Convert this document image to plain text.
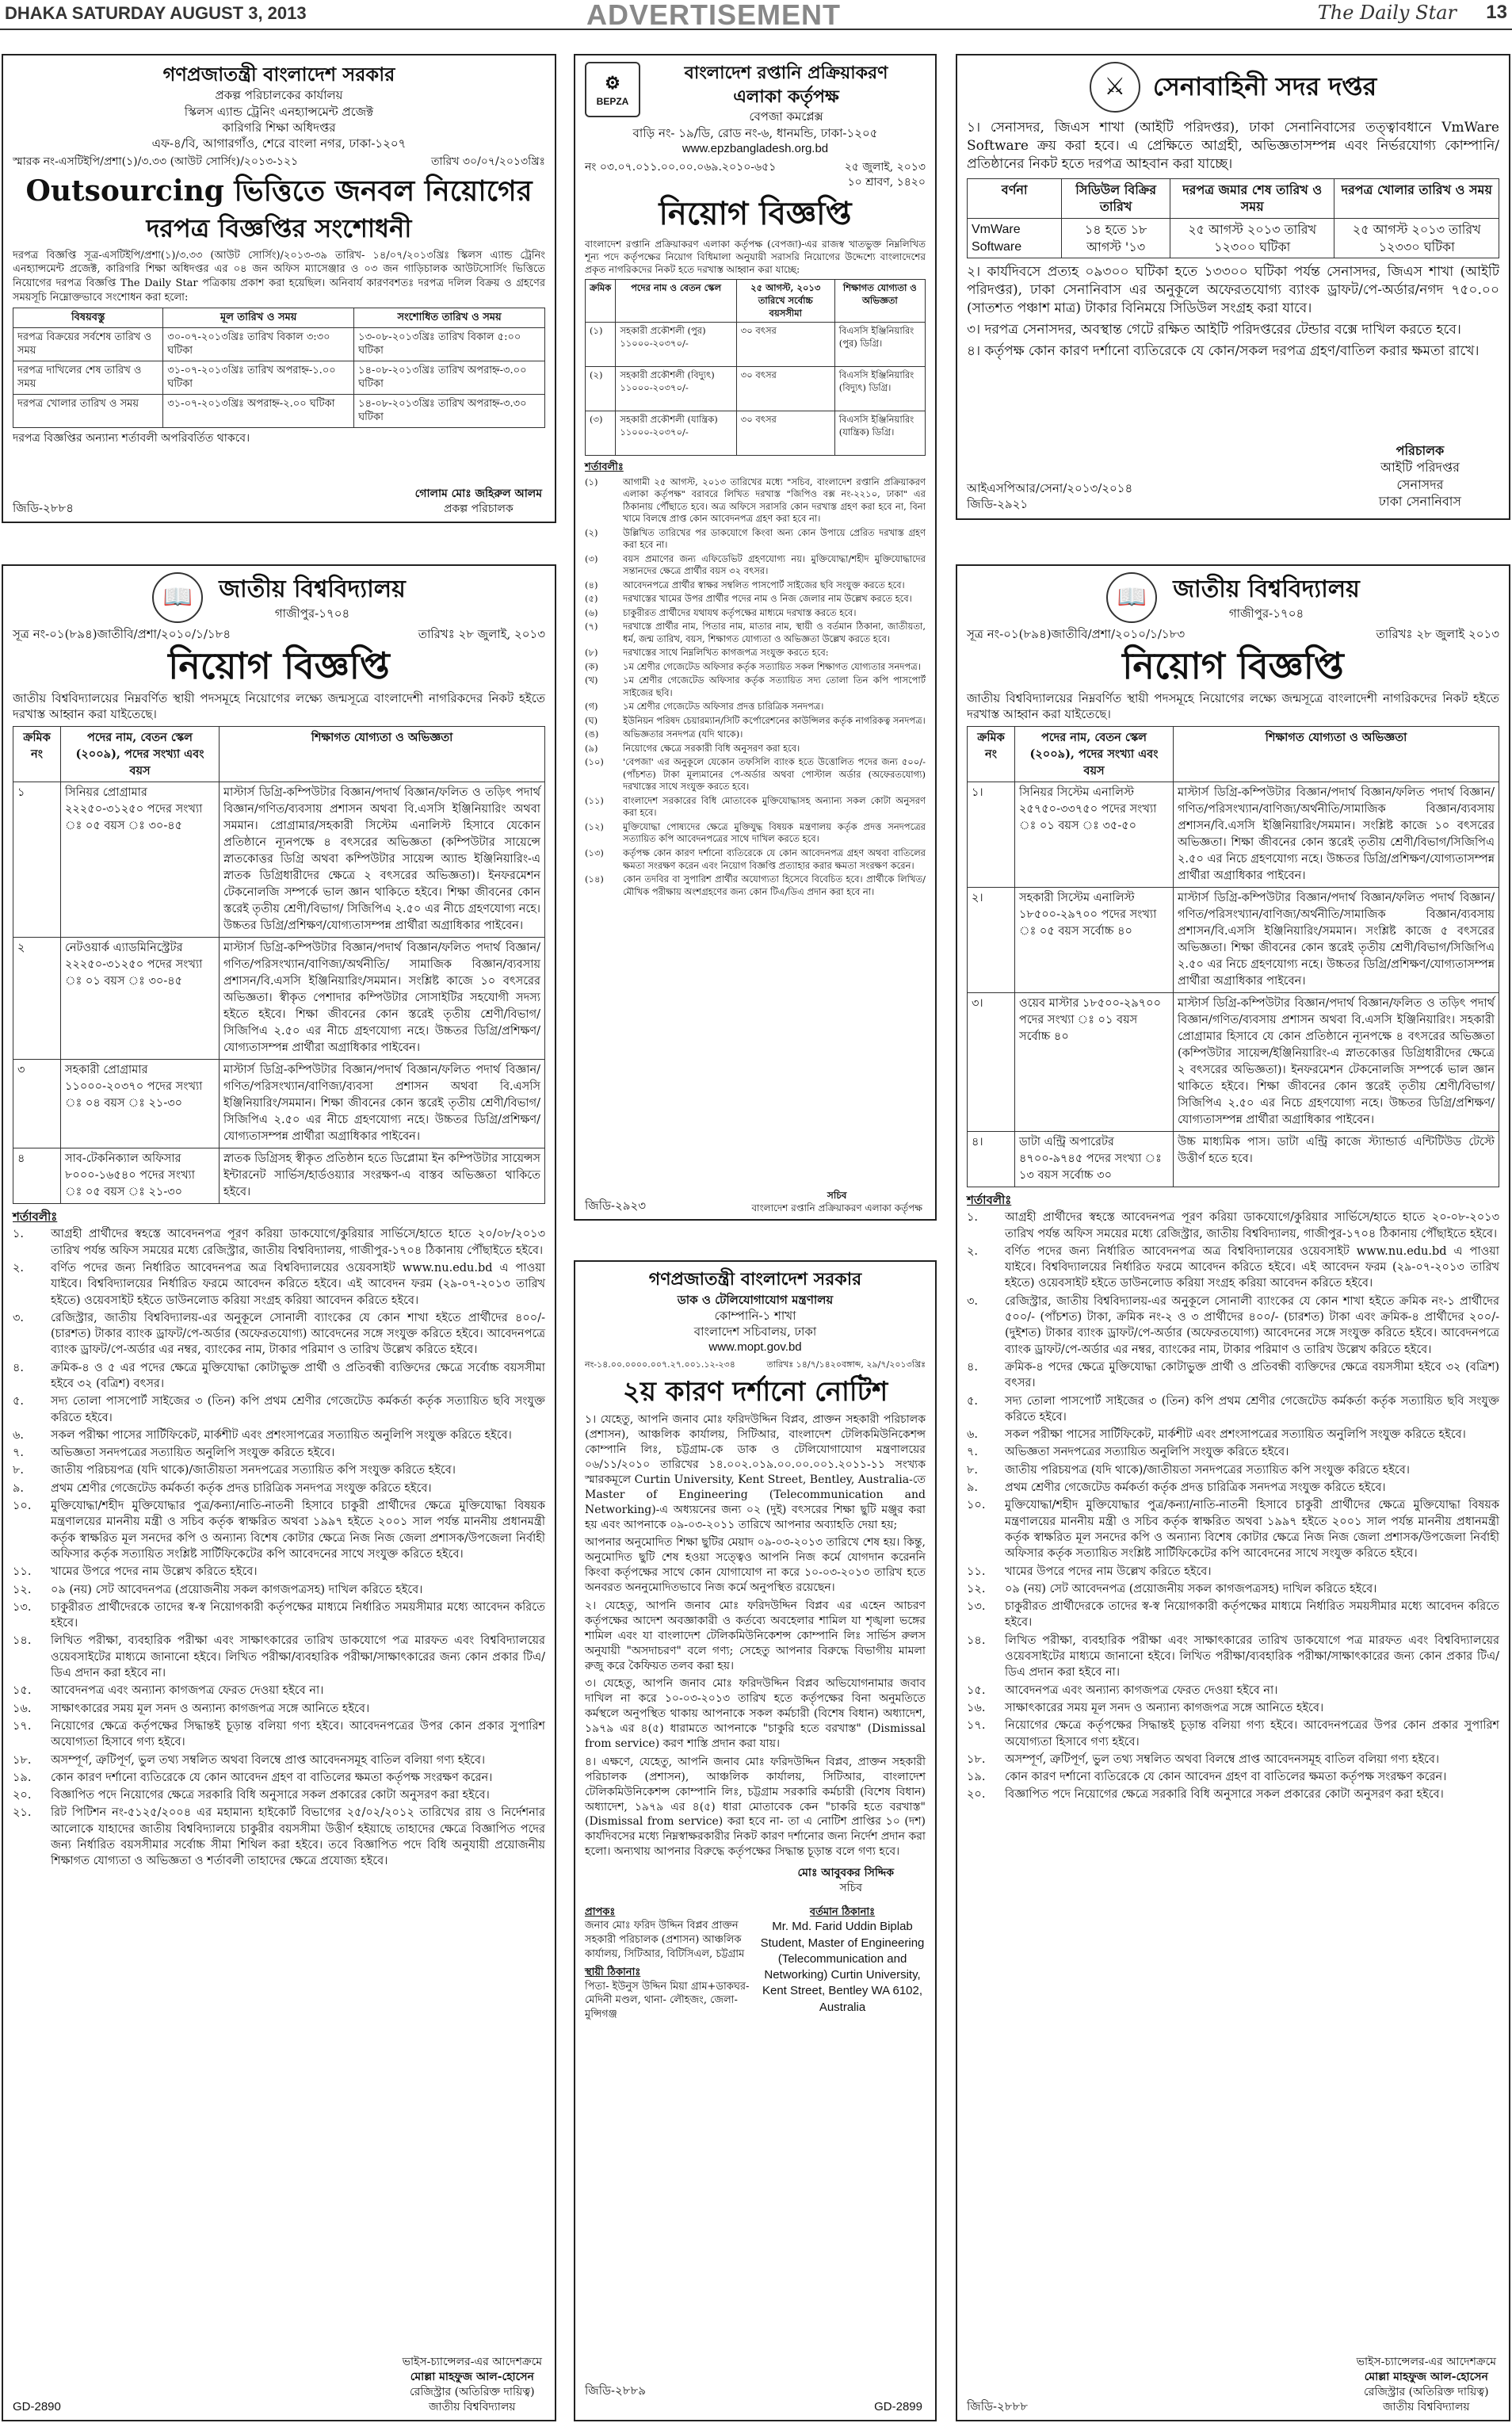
DHAKA SATURDAY AUGUST 3, 2013	ADVERTISEMENT	The Daily Star 13
গণপ্রজাতন্ত্রী বাংলাদেশ সরকার
প্রকল্প পরিচালকের কার্যালয়
স্কিলস এ্যান্ড ট্রেনিং এনহ্যান্সমেন্ট প্রজেক্ট
কারিগরি শিক্ষা অধিদপ্তর
এফ-৪/বি, আগারগাঁও, শেরে বাংলা নগর, ঢাকা-১২০৭
স্মারক নং-এসটিইপি/প্রশা(১)/৩.৩৩ (আউট সোর্সিং)/২০১৩-১২১	তারিখ ৩০/০৭/২০১৩খ্রিঃ
Outsourcing ভিত্তিতে জনবল নিয়োগের
দরপত্র বিজ্ঞপ্তির সংশোধনী
দরপত্র বিজ্ঞপ্তি সূত্র-এসটিইপি/প্রশা(১)/৩.৩৩ (আউট সোর্সিং)/২০১৩-৩৯ তারিখ- ১৪/০৭/২০১৩খ্রিঃ স্কিলস এ্যান্ড ট্রেনিং এনহ্যান্সমেন্ট প্রজেক্ট, কারিগরি শিক্ষা অধিদপ্তর এর ০৪ জন অফিস ম্যাসেঞ্জার ও ০৩ জন গাড়িচালক আউটসোর্সিং ভিত্তিতে নিয়োগের দরপত্র বিজ্ঞপ্তি The Daily Star পত্রিকায় প্রকাশ করা হয়েছিল। অনিবার্য কারণবশতঃ দরপত্র দলিল বিক্রয় ও গ্রহণের সময়সূচি নিম্নোক্তভাবে সংশোধন করা হলো:
বিষয়বস্তু	মূল তারিখ ও সময়	সংশোধিত তারিখ ও সময়
দরপত্র বিক্রয়ের সর্বশেষ তারিখ ও সময়	৩০-০৭-২০১৩খ্রিঃ তারিখ বিকাল ৩:৩০ ঘটিকা	১৩-০৮-২০১৩খ্রিঃ তারিখ বিকাল ৫:০০ ঘটিকা
দরপত্র দাখিলের শেষ তারিখ ও সময়	৩১-০৭-২০১৩খ্রিঃ তারিখ অপরাহ্ন-১.০০ ঘটিকা	১৪-০৮-২০১৩খ্রিঃ তারিখ অপরাহ্ন-৩.০০ ঘটিকা
দরপত্র খোলার তারিখ ও সময়	৩১-০৭-২০১৩খ্রিঃ অপরাহ্ন-২.০০ ঘটিকা	১৪-০৮-২০১৩খ্রিঃ তারিখ অপরাহ্ন-৩.৩০ ঘটিকা
দরপত্র বিজ্ঞপ্তির অন্যান্য শর্তাবলী অপরিবর্তিত থাকবে।
জিডি-২৮৮৪
গোলাম মোঃ জহিরুল আলম
প্রকল্প পরিচালক
⚙
BEPZA
বাংলাদেশ রপ্তানি প্রক্রিয়াকরণ
এলাকা কর্তৃপক্ষ
বেপজা কমপ্লেক্স
বাড়ি নং- ১৯/ডি, রোড নং-৬, ধানমন্ডি, ঢাকা-১২০৫
www.epzbangladesh.org.bd
নং ০৩.০৭.০১১.০০.০০.০৬৯.২০১০-৬৫১	২৫ জুলাই, ২০১৩
১০ শ্রাবণ, ১৪২০
নিয়োগ বিজ্ঞপ্তি
বাংলাদেশ রপ্তানি প্রক্রিয়াকরণ এলাকা কর্তৃপক্ষ (বেপজা)-এর রাজস্ব খাতভুক্ত নিম্নলিখিত শূন্য পদে কর্তৃপক্ষের নিয়োগ বিধিমালা অনুযায়ী সরাসরি নিয়োগের উদ্দেশ্যে বাংলাদেশের প্রকৃত নাগরিকদের নিকট হতে দরখাস্ত আহ্বান করা যাচ্ছে:
ক্রমিক	পদের নাম ও বেতন স্কেল	২৫ আগস্ট, ২০১৩ তারিখে সর্বোচ্চ বয়সসীমা	শিক্ষাগত যোগ্যতা ও অভিজ্ঞতা
(১)	সহকারী প্রকৌশলী (পুর) ১১০০০-২০৩৭০/-	৩০ বৎসর	বিএসসি ইঞ্জিনিয়ারিং (পুর) ডিগ্রি।
(২)	সহকারী প্রকৌশলী (বিদ্যুৎ) ১১০০০-২০৩৭০/-	৩০ বৎসর	বিএসসি ইঞ্জিনিয়ারিং (বিদ্যুৎ) ডিগ্রি।
(৩)	সহকারী প্রকৌশলী (যান্ত্রিক) ১১০০০-২০৩৭০/-	৩০ বৎসর	বিএসসি ইঞ্জিনিয়ারিং (যান্ত্রিক) ডিগ্রি।
শর্তাবলীঃ
(১)	আগামী ২৫ আগস্ট, ২০১৩ তারিখের মধ্যে "সচিব, বাংলাদেশ রপ্তানি প্রক্রিয়াকরণ এলাকা কর্তৃপক্ষ" বরাবরে লিখিত দরখাস্ত "জিপিও বক্স নং-২২১০, ঢাকা" এর ঠিকানায় পৌঁছাতে হবে। অত্র অফিসে সরাসরি কোন দরখাস্ত গ্রহণ করা হবে না, বিনা খামে বিলম্বে প্রাপ্ত কোন আবেদনপত্র গ্রহণ করা হবে না।
(২)	উল্লিখিত তারিখের পর ডাকযোগে কিংবা অন্য কোন উপায়ে প্রেরিত দরখাস্ত গ্রহণ করা হবে না।
(৩)	বয়স প্রমাণের জন্য এফিডেভিট গ্রহণযোগ্য নয়। মুক্তিযোদ্ধা/শহীদ মুক্তিযোদ্ধাদের সন্তানদের ক্ষেত্রে প্রার্থীর বয়স ৩২ বৎসর।
(৪)	আবেদনপত্রে প্রার্থীর স্বাক্ষর সম্বলিত পাসপোর্ট সাইজের ছবি সংযুক্ত করতে হবে।
(৫)	দরখাস্তের খামের উপর প্রার্থীর পদের নাম ও নিজ জেলার নাম উল্লেখ করতে হবে।
(৬)	চাকুরীরত প্রার্থীদের যথাযথ কর্তৃপক্ষের মাধ্যমে দরখাস্ত করতে হবে।
(৭)	দরখাস্তে প্রার্থীর নাম, পিতার নাম, মাতার নাম, স্থায়ী ও বর্তমান ঠিকানা, জাতীয়তা, ধর্ম, জন্ম তারিখ, বয়স, শিক্ষাগত যোগ্যতা ও অভিজ্ঞতা উল্লেখ করতে হবে।
(৮)	দরখাস্তের সাথে নিম্নলিখিত কাগজপত্র সংযুক্ত করতে হবে:
(ক)	১ম শ্রেণীর গেজেটেড অফিসার কর্তৃক সত্যায়িত সকল শিক্ষাগত যোগ্যতার সনদপত্র।
(খ)	১ম শ্রেণীর গেজেটেড অফিসার কর্তৃক সত্যায়িত সদ্য তোলা তিন কপি পাসপোর্ট সাইজের ছবি।
(গ)	১ম শ্রেণীর গেজেটেড অফিসার প্রদত্ত চারিত্রিক সনদপত্র।
(ঘ)	ইউনিয়ন পরিষদ চেয়ারম্যান/সিটি কর্পোরেশনের কাউন্সিলর কর্তৃক নাগরিকত্ব সনদপত্র।
(ঙ)	অভিজ্ঞতার সনদপত্র (যদি থাকে)।
(৯)	নিয়োগের ক্ষেত্রে সরকারী বিধি অনুসরণ করা হবে।
(১০)	'বেপজা' এর অনুকূলে যেকোন তফসিলি ব্যাংক হতে উত্তোলিত পদের জন্য ৫০০/- (পাঁচশত) টাকা মূল্যমানের পে-অর্ডার অথবা পোস্টাল অর্ডার (অফেরতযোগ্য) দরখাস্তের সাথে সংযুক্ত করতে হবে।
(১১)	বাংলাদেশ সরকারের বিধি মোতাবেক মুক্তিযোদ্ধাসহ অন্যান্য সকল কোটা অনুসরণ করা হবে।
(১২)	মুক্তিযোদ্ধা পোষ্যদের ক্ষেত্রে মুক্তিযুদ্ধ বিষয়ক মন্ত্রণালয় কর্তৃক প্রদত্ত সনদপত্রের সত্যায়িত কপি আবেদনপত্রের সাথে দাখিল করতে হবে।
(১৩)	কর্তৃপক্ষ কোন কারণ দর্শানো ব্যতিরেকে যে কোন আবেদনপত্র গ্রহণ অথবা বাতিলের ক্ষমতা সংরক্ষণ করেন এবং নিয়োগ বিজ্ঞপ্তি প্রত্যাহার করার ক্ষমতা সংরক্ষণ করেন।
(১৪)	কোন তদবির বা সুপারিশ প্রার্থীর অযোগ্যতা হিসেবে বিবেচিত হবে। প্রার্থীকে লিখিত/মৌখিক পরীক্ষায় অংশগ্রহণের জন্য কোন টিএ/ডিএ প্রদান করা হবে না।
জিডি-২৯২৩
সচিব
বাংলাদেশ রপ্তানি প্রক্রিয়াকরণ এলাকা কর্তৃপক্ষ
⚔	সেনাবাহিনী সদর দপ্তর
১। সেনাসদর, জিএস শাখা (আইটি পরিদপ্তর), ঢাকা সেনানিবাসের তত্ত্বাবধানে VmWare Software ক্রয় করা হবে। এ প্রেক্ষিতে আগ্রহী, অভিজ্ঞতাসম্পন্ন এবং নির্ভরযোগ্য কোম্পানি/প্রতিষ্ঠানের নিকট হতে দরপত্র আহবান করা যাচ্ছে।
বর্ণনা	সিডিউল বিক্রির তারিখ	দরপত্র জমার শেষ তারিখ ও সময়	দরপত্র খোলার তারিখ ও সময়
VmWare Software	১৪ হতে ১৮ আগস্ট '১৩	২৫ আগস্ট ২০১৩ তারিখ ১২৩০০ ঘটিকা	২৫ আগস্ট ২০১৩ তারিখ ১২৩৩০ ঘটিকা
২। কার্যদিবসে প্রত্যহ ০৯৩০০ ঘটিকা হতে ১৩৩০০ ঘটিকা পর্যন্ত সেনাসদর, জিএস শাখা (আইটি পরিদপ্তর), ঢাকা সেনানিবাস এর অনুকূলে অফেরতযোগ্য ব্যাংক ড্রাফট/পে-অর্ডার/নগদ ৭৫০.০০ (সাতশত পঞ্চাশ মাত্র) টাকার বিনিময়ে সিডিউল সংগ্রহ করা যাবে।
৩। দরপত্র সেনাসদর, অবস্থান্ত গেটে রক্ষিত আইটি পরিদপ্তরের টেন্ডার বক্সে দাখিল করতে হবে।
৪। কর্তৃপক্ষ কোন কারণ দর্শানো ব্যতিরেকে যে কোন/সকল দরপত্র গ্রহণ/বাতিল করার ক্ষমতা রাখে।
আইএসপিআর/সেনা/২০১৩/২০১৪
জিডি-২৯২১
পরিচালক
আইটি পরিদপ্তর
সেনাসদর
ঢাকা সেনানিবাস
📖	জাতীয় বিশ্ববিদ্যালয়
গাজীপুর-১৭০৪
সূত্র নং-০১(৮৯৪)জাতীবি/প্রশা/২০১০/১/১৮৪	তারিখঃ ২৮ জুলাই, ২০১৩
নিয়োগ বিজ্ঞপ্তি
জাতীয় বিশ্ববিদ্যালয়ের নিম্নবর্ণিত স্থায়ী পদসমূহে নিয়োগের লক্ষ্যে জন্মসূত্রে বাংলাদেশী নাগরিকদের নিকট হইতে দরখাস্ত আহ্বান করা যাইতেছে।
ক্রমিক নং	পদের নাম, বেতন স্কেল (২০০৯), পদের সংখ্যা এবং বয়স	শিক্ষাগত যোগ্যতা ও অভিজ্ঞতা
১	সিনিয়র প্রোগ্রামার ২২২৫০-৩১২৫০ পদের সংখ্যা ঃ ০৫ বয়স ঃ ৩০-৪৫	মাস্টার্স ডিগ্রি-কম্পিউটার বিজ্ঞান/পদার্থ বিজ্ঞান/ফলিত ও তড়িৎ পদার্থ বিজ্ঞান/গণিত/ব্যবসায় প্রশাসন অথবা বি.এসসি ইঞ্জিনিয়ারিং অথবা সমমান। প্রোগ্রামার/সহকারী সিস্টেম এনালিস্ট হিসাবে যেকোন প্রতিষ্ঠানে ন্যূনপক্ষে ৪ বৎসরের অভিজ্ঞতা (কম্পিউটার সায়েন্সে স্নাতকোত্তর ডিগ্রি অথবা কম্পিউটার সায়েন্স অ্যান্ড ইঞ্জিনিয়ারিং-এ স্নাতক ডিগ্রিধারীদের ক্ষেত্রে ২ বৎসরের অভিজ্ঞতা)। ইনফরমেশন টেকনোলজি সম্পর্কে ভাল জ্ঞান থাকিতে হইবে। শিক্ষা জীবনের কোন স্তরেই তৃতীয় শ্রেণী/বিভাগ/ সিজিপিএ ২.৫০ এর নীচে গ্রহণযোগ্য নহে। উচ্চতর ডিগ্রি/প্রশিক্ষণ/যোগ্যতাসম্পন্ন প্রার্থীরা অগ্রাধিকার পাইবেন।
২	নেটওয়ার্ক এ্যাডমিনিস্ট্রেটর ২২২৫০-৩১২৫০ পদের সংখ্যা ঃ ০১ বয়স ঃ ৩০-৪৫	মাস্টার্স ডিগ্রি-কম্পিউটার বিজ্ঞান/পদার্থ বিজ্ঞান/ফলিত পদার্থ বিজ্ঞান/গণিত/পরিসংখ্যান/বাণিজ্য/অর্থনীতি/ সামাজিক বিজ্ঞান/ব্যবসায় প্রশাসন/বি.এসসি ইঞ্জিনিয়ারিং/সমমান। সংশ্লিষ্ট কাজে ১০ বৎসরের অভিজ্ঞতা। স্বীকৃত পেশাদার কম্পিউটার সোসাইটির সহযোগী সদস্য হইতে হইবে। শিক্ষা জীবনের কোন স্তরেই তৃতীয় শ্রেণী/বিভাগ/ সিজিপিএ ২.৫০ এর নীচে গ্রহণযোগ্য নহে। উচ্চতর ডিগ্রি/প্রশিক্ষণ/যোগ্যতাসম্পন্ন প্রার্থীরা অগ্রাধিকার পাইবেন।
৩	সহকারী প্রোগ্রামার ১১০০০-২০৩৭০ পদের সংখ্যা ঃ ০৪ বয়স ঃ ২১-৩০	মাস্টার্স ডিগ্রি-কম্পিউটার বিজ্ঞান/পদার্থ বিজ্ঞান/ফলিত পদার্থ বিজ্ঞান/গণিত/পরিসংখ্যান/বাণিজ্য/ব্যবসা প্রশাসন অথবা বি.এসসি ইঞ্জিনিয়ারিং/সমমান। শিক্ষা জীবনের কোন স্তরেই তৃতীয় শ্রেণী/বিভাগ/সিজিপিএ ২.৫০ এর নীচে গ্রহণযোগ্য নহে। উচ্চতর ডিগ্রি/প্রশিক্ষণ/যোগ্যতাসম্পন্ন প্রার্থীরা অগ্রাধিকার পাইবেন।
৪	সাব-টেকনিক্যাল অফিসার ৮০০০-১৬৫৪০ পদের সংখ্যা ঃ ০৫ বয়স ঃ ২১-৩০	স্নাতক ডিগ্রিসহ স্বীকৃত প্রতিষ্ঠান হতে ডিপ্লোমা ইন কম্পিউটার সায়েন্সস ইন্টারনেট সার্ভিস/হার্ডওয়্যার সংরক্ষণ-এ বাস্তব অভিজ্ঞতা থাকিতে হইবে।
শর্তাবলীঃ
১.	আগ্রহী প্রার্থীদের স্বহস্তে আবেদনপত্র পূরণ করিয়া ডাকযোগে/কুরিয়ার সার্ভিসে/হাতে হাতে ২০/০৮/২০১৩ তারিখ পর্যন্ত অফিস সময়ের মধ্যে রেজিস্ট্রার, জাতীয় বিশ্ববিদ্যালয়, গাজীপুর-১৭০৪ ঠিকানায় পৌঁছাইতে হইবে।
২.	বর্ণিত পদের জন্য নির্ধারিত আবেদনপত্র অত্র বিশ্ববিদ্যালয়ের ওয়েবসাইট www.nu.edu.bd এ পাওয়া যাইবে। বিশ্ববিদ্যালয়ের নির্ধারিত ফরমে আবেদন করিতে হইবে। এই আবেদন ফরম (২৯-০৭-২০১৩ তারিখ হইতে) ওয়েবসাইট হইতে ডাউনলোড করিয়া সংগ্রহ করিয়া আবেদন করিতে হইবে।
৩.	রেজিস্ট্রার, জাতীয় বিশ্ববিদ্যালয়-এর অনুকূলে সোনালী ব্যাংকের যে কোন শাখা হইতে প্রার্থীদের ৪০০/- (চারশত) টাকার ব্যাংক ড্রাফট/পে-অর্ডার (অফেরতযোগ্য) আবেদনের সঙ্গে সংযুক্ত করিতে হইবে। আবেদনপত্রে ব্যাংক ড্রাফট/পে-অর্ডার এর নম্বর, ব্যাংকের নাম, টাকার পরিমাণ ও তারিখ উল্লেখ করিতে হইবে।
৪.	ক্রমিক-৪ ও ৫ এর পদের ক্ষেত্রে মুক্তিযোদ্ধা কোটাভুক্ত প্রার্থী ও প্রতিবন্ধী ব্যক্তিদের ক্ষেত্রে সর্বোচ্চ বয়সসীমা হইবে ৩২ (বত্রিশ) বৎসর।
৫.	সদ্য তোলা পাসপোর্ট সাইজের ৩ (তিন) কপি প্রথম শ্রেণীর গেজেটেড কর্মকর্তা কর্তৃক সত্যায়িত ছবি সংযুক্ত করিতে হইবে।
৬.	সকল পরীক্ষা পাসের সার্টিফিকেট, মার্কশীট এবং প্রশংসাপত্রের সত্যায়িত অনুলিপি সংযুক্ত করিতে হইবে।
৭.	অভিজ্ঞতা সনদপত্রের সত্যায়িত অনুলিপি সংযুক্ত করিতে হইবে।
৮.	জাতীয় পরিচয়পত্র (যদি থাকে)/জাতীয়তা সনদপত্রের সত্যায়িত কপি সংযুক্ত করিতে হইবে।
৯.	প্রথম শ্রেণীর গেজেটেড কর্মকর্তা কর্তৃক প্রদত্ত চারিত্রিক সনদপত্র সংযুক্ত করিতে হইবে।
১০.	মুক্তিযোদ্ধা/শহীদ মুক্তিযোদ্ধার পুত্র/কন্যা/নাতি-নাতনী হিসাবে চাকুরী প্রার্থীদের ক্ষেত্রে মুক্তিযোদ্ধা বিষয়ক মন্ত্রণালয়ের মাননীয় মন্ত্রী ও সচিব কর্তৃক স্বাক্ষরিত অথবা ১৯৯৭ হইতে ২০০১ সাল পর্যন্ত মাননীয় প্রধানমন্ত্রী কর্তৃক স্বাক্ষরিত মূল সনদের কপি ও অন্যান্য বিশেষ কোটার ক্ষেত্রে নিজ নিজ জেলা প্রশাসক/উপজেলা নির্বাহী অফিসার কর্তৃক সত্যায়িত সংশ্লিষ্ট সার্টিফিকেটের কপি আবেদনের সাথে সংযুক্ত করিতে হইবে।
১১.	খামের উপরে পদের নাম উল্লেখ করিতে হইবে।
১২.	০৯ (নয়) সেট আবেদনপত্র (প্রয়োজনীয় সকল কাগজপত্রসহ) দাখিল করিতে হইবে।
১৩.	চাকুরীরত প্রার্থীদেরকে তাদের স্ব-স্ব নিয়োগকারী কর্তৃপক্ষের মাধ্যমে নির্ধারিত সময়সীমার মধ্যে আবেদন করিতে হইবে।
১৪.	লিখিত পরীক্ষা, ব্যবহারিক পরীক্ষা এবং সাক্ষাৎকারের তারিখ ডাকযোগে পত্র মারফত এবং বিশ্ববিদ্যালয়ের ওয়েবসাইটের মাধ্যমে জানানো হইবে। লিখিত পরীক্ষা/ব্যবহারিক পরীক্ষা/সাক্ষাৎকারের জন্য কোন প্রকার টিএ/ডিএ প্রদান করা হইবে না।
১৫.	আবেদনপত্র এবং অন্যান্য কাগজপত্র ফেরত দেওয়া হইবে না।
১৬.	সাক্ষাৎকারের সময় মূল সনদ ও অন্যান্য কাগজপত্র সঙ্গে আনিতে হইবে।
১৭.	নিয়োগের ক্ষেত্রে কর্তৃপক্ষের সিদ্ধান্তই চূড়ান্ত বলিয়া গণ্য হইবে। আবেদনপত্রের উপর কোন প্রকার সুপারিশ অযোগ্যতা হিসাবে গণ্য হইবে।
১৮.	অসম্পূর্ণ, ত্রুটিপূর্ণ, ভুল তথ্য সম্বলিত অথবা বিলম্বে প্রাপ্ত আবেদনসমূহ বাতিল বলিয়া গণ্য হইবে।
১৯.	কোন কারণ দর্শানো ব্যতিরেকে যে কোন আবেদন গ্রহণ বা বাতিলের ক্ষমতা কর্তৃপক্ষ সংরক্ষণ করেন।
২০.	বিজ্ঞাপিত পদে নিয়োগের ক্ষেত্রে সরকারি বিধি অনুসারে সকল প্রকারের কোটা অনুসরণ করা হইবে।
২১.	রিট পিটিশন নং-৫১২৫/২০০৪ এর মহামান্য হাইকোর্ট বিভাগের ২৫/০২/২০১২ তারিখের রায় ও নির্দেশনার আলোকে যাহাদের জাতীয় বিশ্ববিদ্যালয়ে চাকুরীর বয়সসীমা উত্তীর্ণ হইয়াছে তাহাদের ক্ষেত্রে বিজ্ঞাপিত পদের জন্য নির্ধারিত বয়সসীমার সর্বোচ্চ সীমা শিথিল করা হইবে। তবে বিজ্ঞাপিত পদে বিধি অনুযায়ী প্রয়োজনীয় শিক্ষাগত যোগ্যতা ও অভিজ্ঞতা ও শর্তাবলী তাহাদের ক্ষেত্রে প্রযোজ্য হইবে।
GD-2890
ভাইস-চ্যান্সেলর-এর আদেশক্রমে
মোল্লা মাহফুজ আল-হোসেন
রেজিস্ট্রার (অতিরিক্ত দায়িত্ব)
জাতীয় বিশ্ববিদ্যালয়
গণপ্রজাতন্ত্রী বাংলাদেশ সরকার
ডাক ও টেলিযোগাযোগ মন্ত্রণালয়
কোম্পানি-১ শাখা
বাংলাদেশ সচিবালয়, ঢাকা
www.mopt.gov.bd
নং-১৪.০০.০০০০.০০৭.২৭.০০১.১২-২৩৪	তারিখঃ ১৪/৭/১৪২০বঙ্গাব্দ, ২৯/৭/২০১৩খ্রিঃ
২য় কারণ দর্শানো নোটিশ
১। যেহেতু, আপনি জনাব মোঃ ফরিদউদ্দিন বিপ্লব, প্রাক্তন সহকারী পরিচালক (প্রশাসন), আঞ্চলিক কার্যালয়, সিটিআর, বাংলাদেশ টেলিকমিউনিকেশন্স কোম্পানি লিঃ, চট্টগ্রাম-কে ডাক ও টেলিযোগাযোগ মন্ত্রণালয়ের ০৬/১১/২০১০ তারিখের ১৪.০০২.০১৯.০০.০০.০০১.২০১১-১১ সংখ্যক স্মারকমূলে Curtin University, Kent Street, Bentley, Australia-তে Master of Engineering (Telecommunication and Networking)-এ অধ্যয়নের জন্য ০২ (দুই) বৎসরের শিক্ষা ছুটি মঞ্জুর করা হয় এবং আপনাকে ০৯-০৩-২০১১ তারিখে আপনার অব্যাহতি দেয়া হয়;
আপনার অনুমোদিত শিক্ষা ছুটির মেয়াদ ০৯-০৩-২০১৩ তারিখে শেষ হয়। কিন্তু, অনুমোদিত ছুটি শেষ হওয়া সত্ত্বেও আপনি নিজ কর্মে যোগদান করেননি কিংবা কর্তৃপক্ষের সাথে কোন যোগাযোগ না করে ১০-০৩-২০১৩ তারিখ হতে অনবরত অননুমোদিতভাবে নিজ কর্মে অনুপস্থিত রয়েছেন।
২। যেহেতু, আপনি জনাব মোঃ ফরিদউদ্দিন বিপ্লব এর এহেন আচরণ কর্তৃপক্ষের আদেশ অবজ্ঞাকারী ও কর্তব্যে অবহেলার শামিল যা শৃঙ্খলা ভঙ্গের শামিল এবং যা বাংলাদেশ টেলিকমিউনিকেশন্স কোম্পানি লিঃ সার্ভিস রুলস অনুযায়ী "অসদাচরণ" বলে গণ্য; সেহেতু আপনার বিরুদ্ধে বিভাগীয় মামলা রুজু করে কৈফিয়ত তলব করা হয়।
৩। যেহেতু, আপনি জনাব মোঃ ফরিদউদ্দিন বিপ্লব অভিযোগনামার জবাব দাখিল না করে ১০-০৩-২০১৩ তারিখ হতে কর্তৃপক্ষের বিনা অনুমতিতে কর্মস্থলে অনুপস্থিত থাকায় আপনাকে সকল কর্মচারী (বিশেষ বিধান) অধ্যাদেশ, ১৯৭৯ এর ৪(৫) ধারামতে আপনাকে "চাকুরি হতে বরখাস্ত" (Dismissal from service) করণ শাস্তি প্রদান করা যায়।
৪। এক্ষণে, যেহেতু, আপনি জনাব মোঃ ফরিদউদ্দিন বিপ্লব, প্রাক্তন সহকারী পরিচালক (প্রশাসন), আঞ্চলিক কার্যালয়, সিটিআর, বাংলাদেশ টেলিকমিউনিকেশন্স কোম্পানি লিঃ, চট্টগ্রাম সরকারি কর্মচারী (বিশেষ বিধান) অধ্যাদেশ, ১৯৭৯ এর ৪(৫) ধারা মোতাবেক কেন "চাকরি হতে বরখাস্ত" (Dismissal from service) করা হবে না- তা এ নোটিশ প্রাপ্তির ১০ (দশ) কার্যদিবসের মধ্যে নিম্নস্বাক্ষরকারীর নিকট কারণ দর্শানোর জন্য নির্দেশ প্রদান করা হলো। অন্যথায় আপনার বিরুদ্ধে কর্তৃপক্ষের সিদ্ধান্ত চূড়ান্ত বলে গণ্য হবে।
মোঃ আবুবকর সিদ্দিক
সচিব
প্রাপকঃ
জনাব মোঃ ফরিদ উদ্দিন বিপ্লব প্রাক্তন সহকারী পরিচালক (প্রশাসন) আঞ্চলিক কার্যালয়, সিটিআর, বিটিসিএল, চট্টগ্রাম
স্থায়ী ঠিকানাঃ
পিতা- ইউনুস উদ্দিন মিয়া গ্রাম+ডাকঘর- মেদিনী মণ্ডল, থানা- লৌহজং, জেলা- মুন্সিগঞ্জ
বর্তমান ঠিকানাঃ
Mr. Md. Farid Uddin Biplab Student, Master of Engineering (Telecommunication and Networking) Curtin University, Kent Street, Bentley WA 6102, Australia
জিডি-২৮৮৯
GD-2899
📖	জাতীয় বিশ্ববিদ্যালয়
গাজীপুর-১৭০৪
সূত্র নং-০১(৮৯৪)জাতীবি/প্রশা/২০১০/১/১৮৩	তারিখঃ ২৮ জুলাই ২০১৩
নিয়োগ বিজ্ঞপ্তি
জাতীয় বিশ্ববিদ্যালয়ের নিম্নবর্ণিত স্থায়ী পদসমূহে নিয়োগের লক্ষ্যে জন্মসূত্রে বাংলাদেশী নাগরিকদের নিকট হইতে দরখাস্ত আহ্বান করা যাইতেছে।
ক্রমিক নং	পদের নাম, বেতন স্কেল (২০০৯), পদের সংখ্যা এবং বয়স	শিক্ষাগত যোগ্যতা ও অভিজ্ঞতা
১।	সিনিয়র সিস্টেম এনালিস্ট ২৫৭৫০-৩৩৭৫০ পদের সংখ্যা ঃ ০১ বয়স ঃ ৩৫-৫০	মাস্টার্স ডিগ্রি-কম্পিউটার বিজ্ঞান/পদার্থ বিজ্ঞান/ফলিত পদার্থ বিজ্ঞান/গণিত/পরিসংখ্যান/বাণিজ্য/অর্থনীতি/সামাজিক বিজ্ঞান/ব্যবসায় প্রশাসন/বি.এসসি ইঞ্জিনিয়ারিং/সমমান। সংশ্লিষ্ট কাজে ১০ বৎসরের অভিজ্ঞতা। শিক্ষা জীবনের কোন স্তরেই তৃতীয় শ্রেণী/বিভাগ/সিজিপিএ ২.৫০ এর নিচে গ্রহণযোগ্য নহে। উচ্চতর ডিগ্রি/প্রশিক্ষণ/যোগ্যতাসম্পন্ন প্রার্থীরা অগ্রাধিকার পাইবেন।
২।	সহকারী সিস্টেম এনালিস্ট ১৮৫০০-২৯৭০০ পদের সংখ্যা ঃ ০৫ বয়স সর্বোচ্চ ৪০	মাস্টার্স ডিগ্রি-কম্পিউটার বিজ্ঞান/পদার্থ বিজ্ঞান/ফলিত পদার্থ বিজ্ঞান/গণিত/পরিসংখ্যান/বাণিজ্য/অর্থনীতি/সামাজিক বিজ্ঞান/ব্যবসায় প্রশাসন/বি.এসসি ইঞ্জিনিয়ারিং/সমমান। সংশ্লিষ্ট কাজে ৫ বৎসরের অভিজ্ঞতা। শিক্ষা জীবনের কোন স্তরেই তৃতীয় শ্রেণী/বিভাগ/সিজিপিএ ২.৫০ এর নিচে গ্রহণযোগ্য নহে। উচ্চতর ডিগ্রি/প্রশিক্ষণ/যোগ্যতাসম্পন্ন প্রার্থীরা অগ্রাধিকার পাইবেন।
৩।	ওয়েব মাস্টার ১৮৫০০-২৯৭০০ পদের সংখ্যা ঃ ০১ বয়স সর্বোচ্চ ৪০	মাস্টার্স ডিগ্রি-কম্পিউটার বিজ্ঞান/পদার্থ বিজ্ঞান/ফলিত ও তড়িৎ পদার্থ বিজ্ঞান/গণিত/ব্যবসায় প্রশাসন অথবা বি.এসসি ইঞ্জিনিয়ারিং। সহকারী প্রোগ্রামার হিসাবে যে কোন প্রতিষ্ঠানে ন্যূনপক্ষে ৪ বৎসরের অভিজ্ঞতা (কম্পিউটার সায়েন্স/ইঞ্জিনিয়ারিং-এ স্নাতকোত্তর ডিগ্রিধারীদের ক্ষেত্রে ২ বৎসরের অভিজ্ঞতা)। ইনফরমেশন টেকনোলজি সম্পর্কে ভাল জ্ঞান থাকিতে হইবে। শিক্ষা জীবনের কোন স্তরেই তৃতীয় শ্রেণী/বিভাগ/সিজিপিএ ২.৫০ এর নিচে গ্রহণযোগ্য নহে। উচ্চতর ডিগ্রি/প্রশিক্ষণ/যোগ্যতাসম্পন্ন প্রার্থীরা অগ্রাধিকার পাইবেন।
৪।	ডাটা এন্ট্রি অপারেটর ৪৭০০-৯৭৪৫ পদের সংখ্যা ঃ ১৩ বয়স সর্বোচ্চ ৩০	উচ্চ মাধ্যমিক পাস। ডাটা এন্ট্রি কাজে স্ট্যান্ডার্ড এন্টিটিউড টেস্টে উত্তীর্ণ হতে হবে।
শর্তাবলীঃ
১.	আগ্রহী প্রার্থীদের স্বহস্তে আবেদনপত্র পূরণ করিয়া ডাকযোগে/কুরিয়ার সার্ভিসে/হাতে হাতে ২০-০৮-২০১৩ তারিখ পর্যন্ত অফিস সময়ের মধ্যে রেজিস্ট্রার, জাতীয় বিশ্ববিদ্যালয়, গাজীপুর-১৭০৪ ঠিকানায় পৌঁছাইতে হইবে।
২.	বর্ণিত পদের জন্য নির্ধারিত আবেদনপত্র অত্র বিশ্ববিদ্যালয়ের ওয়েবসাইট www.nu.edu.bd এ পাওয়া যাইবে। বিশ্ববিদ্যালয়ের নির্ধারিত ফরমে আবেদন করিতে হইবে। এই আবেদন ফরম (২৯-০৭-২০১৩ তারিখ হইতে) ওয়েবসাইট হইতে ডাউনলোড করিয়া সংগ্রহ করিয়া আবেদন করিতে হইবে।
৩.	রেজিস্ট্রার, জাতীয় বিশ্ববিদ্যালয়-এর অনুকূলে সোনালী ব্যাংকের যে কোন শাখা হইতে ক্রমিক নং-১ প্রার্থীদের ৫০০/- (পাঁচশত) টাকা, ক্রমিক নং-২ ও ৩ প্রার্থীদের ৪০০/- (চারশত) টাকা এবং ক্রমিক-৪ প্রার্থীদের ২০০/- (দুইশত) টাকার ব্যাংক ড্রাফট/পে-অর্ডার (অফেরতযোগ্য) আবেদনের সঙ্গে সংযুক্ত করিতে হইবে। আবেদনপত্রে ব্যাংক ড্রাফট/পে-অর্ডার এর নম্বর, ব্যাংকের নাম, টাকার পরিমাণ ও তারিখ উল্লেখ করিতে হইবে।
৪.	ক্রমিক-৪ পদের ক্ষেত্রে মুক্তিযোদ্ধা কোটাভুক্ত প্রার্থী ও প্রতিবন্ধী ব্যক্তিদের ক্ষেত্রে বয়সসীমা হইবে ৩২ (বত্রিশ) বৎসর।
৫.	সদ্য তোলা পাসপোর্ট সাইজের ৩ (তিন) কপি প্রথম শ্রেণীর গেজেটেড কর্মকর্তা কর্তৃক সত্যায়িত ছবি সংযুক্ত করিতে হইবে।
৬.	সকল পরীক্ষা পাসের সার্টিফিকেট, মার্কশীট এবং প্রশংসাপত্রের সত্যায়িত অনুলিপি সংযুক্ত করিতে হইবে।
৭.	অভিজ্ঞতা সনদপত্রের সত্যায়িত অনুলিপি সংযুক্ত করিতে হইবে।
৮.	জাতীয় পরিচয়পত্র (যদি থাকে)/জাতীয়তা সনদপত্রের সত্যায়িত কপি সংযুক্ত করিতে হইবে।
৯.	প্রথম শ্রেণীর গেজেটেড কর্মকর্তা কর্তৃক প্রদত্ত চারিত্রিক সনদপত্র সংযুক্ত করিতে হইবে।
১০.	মুক্তিযোদ্ধা/শহীদ মুক্তিযোদ্ধার পুত্র/কন্যা/নাতি-নাতনী হিসাবে চাকুরী প্রার্থীদের ক্ষেত্রে মুক্তিযোদ্ধা বিষয়ক মন্ত্রণালয়ের মাননীয় মন্ত্রী ও সচিব কর্তৃক স্বাক্ষরিত অথবা ১৯৯৭ হইতে ২০০১ সাল পর্যন্ত মাননীয় প্রধানমন্ত্রী কর্তৃক স্বাক্ষরিত মূল সনদের কপি ও অন্যান্য বিশেষ কোটার ক্ষেত্রে নিজ নিজ জেলা প্রশাসক/উপজেলা নির্বাহী অফিসার কর্তৃক সত্যায়িত সংশ্লিষ্ট সার্টিফিকেটের কপি আবেদনের সাথে সংযুক্ত করিতে হইবে।
১১.	খামের উপরে পদের নাম উল্লেখ করিতে হইবে।
১২.	০৯ (নয়) সেট আবেদনপত্র (প্রয়োজনীয় সকল কাগজপত্রসহ) দাখিল করিতে হইবে।
১৩.	চাকুরীরত প্রার্থীদেরকে তাদের স্ব-স্ব নিয়োগকারী কর্তৃপক্ষের মাধ্যমে নির্ধারিত সময়সীমার মধ্যে আবেদন করিতে হইবে।
১৪.	লিখিত পরীক্ষা, ব্যবহারিক পরীক্ষা এবং সাক্ষাৎকারের তারিখ ডাকযোগে পত্র মারফত এবং বিশ্ববিদ্যালয়ের ওয়েবসাইটের মাধ্যমে জানানো হইবে। লিখিত পরীক্ষা/ব্যবহারিক পরীক্ষা/সাক্ষাৎকারের জন্য কোন প্রকার টিএ/ডিএ প্রদান করা হইবে না।
১৫.	আবেদনপত্র এবং অন্যান্য কাগজপত্র ফেরত দেওয়া হইবে না।
১৬.	সাক্ষাৎকারের সময় মূল সনদ ও অন্যান্য কাগজপত্র সঙ্গে আনিতে হইবে।
১৭.	নিয়োগের ক্ষেত্রে কর্তৃপক্ষের সিদ্ধান্তই চূড়ান্ত বলিয়া গণ্য হইবে। আবেদনপত্রের উপর কোন প্রকার সুপারিশ অযোগ্যতা হিসাবে গণ্য হইবে।
১৮.	অসম্পূর্ণ, ত্রুটিপূর্ণ, ভুল তথ্য সম্বলিত অথবা বিলম্বে প্রাপ্ত আবেদনসমূহ বাতিল বলিয়া গণ্য হইবে।
১৯.	কোন কারণ দর্শানো ব্যতিরেকে যে কোন আবেদন গ্রহণ বা বাতিলের ক্ষমতা কর্তৃপক্ষ সংরক্ষণ করেন।
২০.	বিজ্ঞাপিত পদে নিয়োগের ক্ষেত্রে সরকারি বিধি অনুসারে সকল প্রকারের কোটা অনুসরণ করা হইবে।
জিডি-২৮৮৮
ভাইস-চ্যান্সেলর-এর আদেশক্রমে
মোল্লা মাহফুজ আল-হোসেন
রেজিস্ট্রার (অতিরিক্ত দায়িত্ব)
জাতীয় বিশ্ববিদ্যালয়
